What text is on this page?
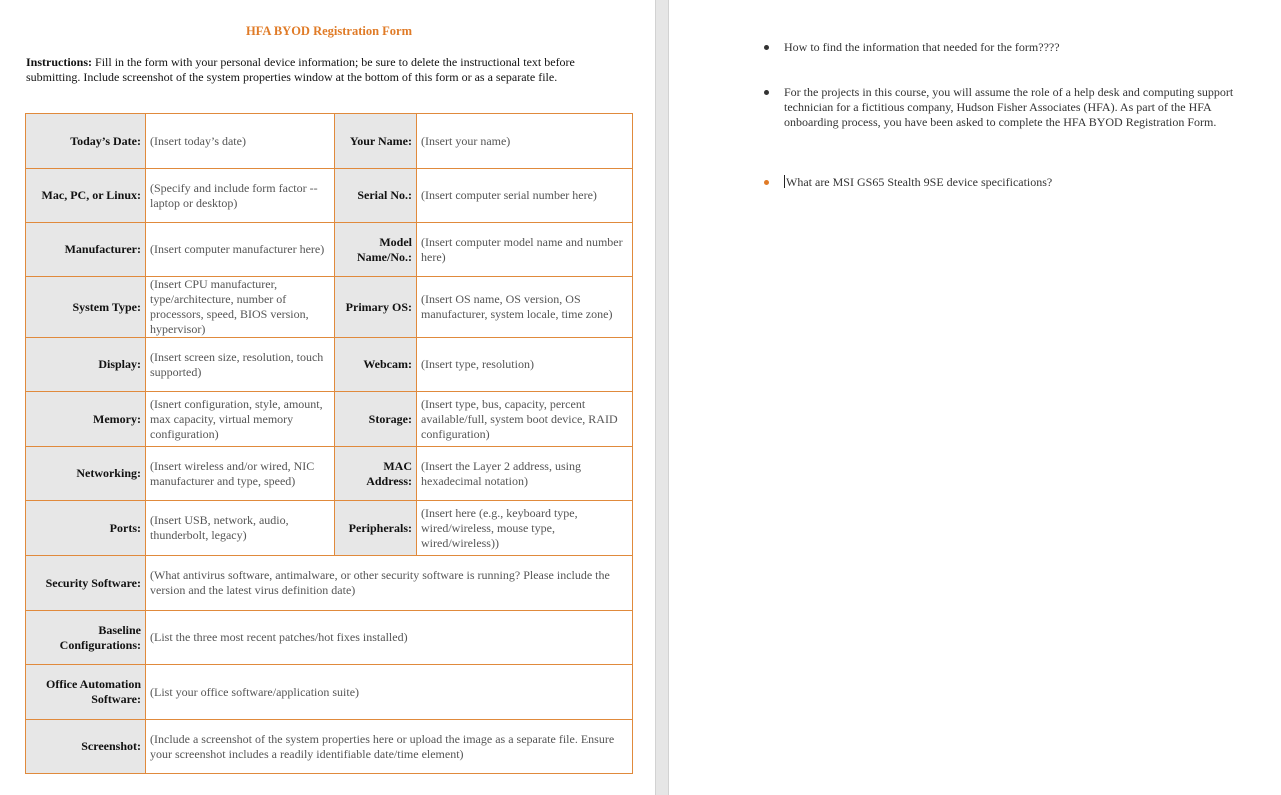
HFA BYOD Registration Form
Instructions: Fill in the form with your personal device information; be sure to delete the instructional text before submitting. Include screenshot of the system properties window at the bottom of this form or as a separate file.
Today’s Date:	(Insert today’s date)	Your Name:	(Insert your name)
Mac, PC, or Linux:	(Specify and include form factor -- laptop or desktop)	Serial No.:	(Insert computer serial number here)
Manufacturer:	(Insert computer manufacturer here)	Model Name/No.:	(Insert computer model name and number here)
System Type:	(Insert CPU manufacturer, type/architecture, number of processors, speed, BIOS version, hypervisor)	Primary OS:	(Insert OS name, OS version, OS manufacturer, system locale, time zone)
Display:	(Insert screen size, resolution, touch supported)	Webcam:	(Insert type, resolution)
Memory:	(Isnert configuration, style, amount, max capacity, virtual memory configuration)	Storage:	(Insert type, bus, capacity, percent available/full, system boot device, RAID configuration)
Networking:	(Insert wireless and/or wired, NIC manufacturer and type, speed)	MAC Address:	(Insert the Layer 2 address, using hexadecimal notation)
Ports:	(Insert USB, network, audio, thunderbolt, legacy)	Peripherals:	(Insert here (e.g., keyboard type, wired/wireless, mouse type, wired/wireless))
Security Software:	(What antivirus software, antimalware, or other security software is running? Please include the version and the latest virus definition date)		
Baseline Configurations:	(List the three most recent patches/hot fixes installed)		
Office Automation Software:	(List your office software/application suite)		
Screenshot:	(Include a screenshot of the system properties here or upload the image as a separate file. Ensure your screenshot includes a readily identifiable date/time element)		
How to find the information that needed for the form????
For the projects in this course, you will assume the role of a help desk and computing support technician for a fictitious company, Hudson Fisher Associates (HFA). As part of the HFA onboarding process, you have been asked to complete the HFA BYOD Registration Form.
What are MSI GS65 Stealth 9SE device specifications?
